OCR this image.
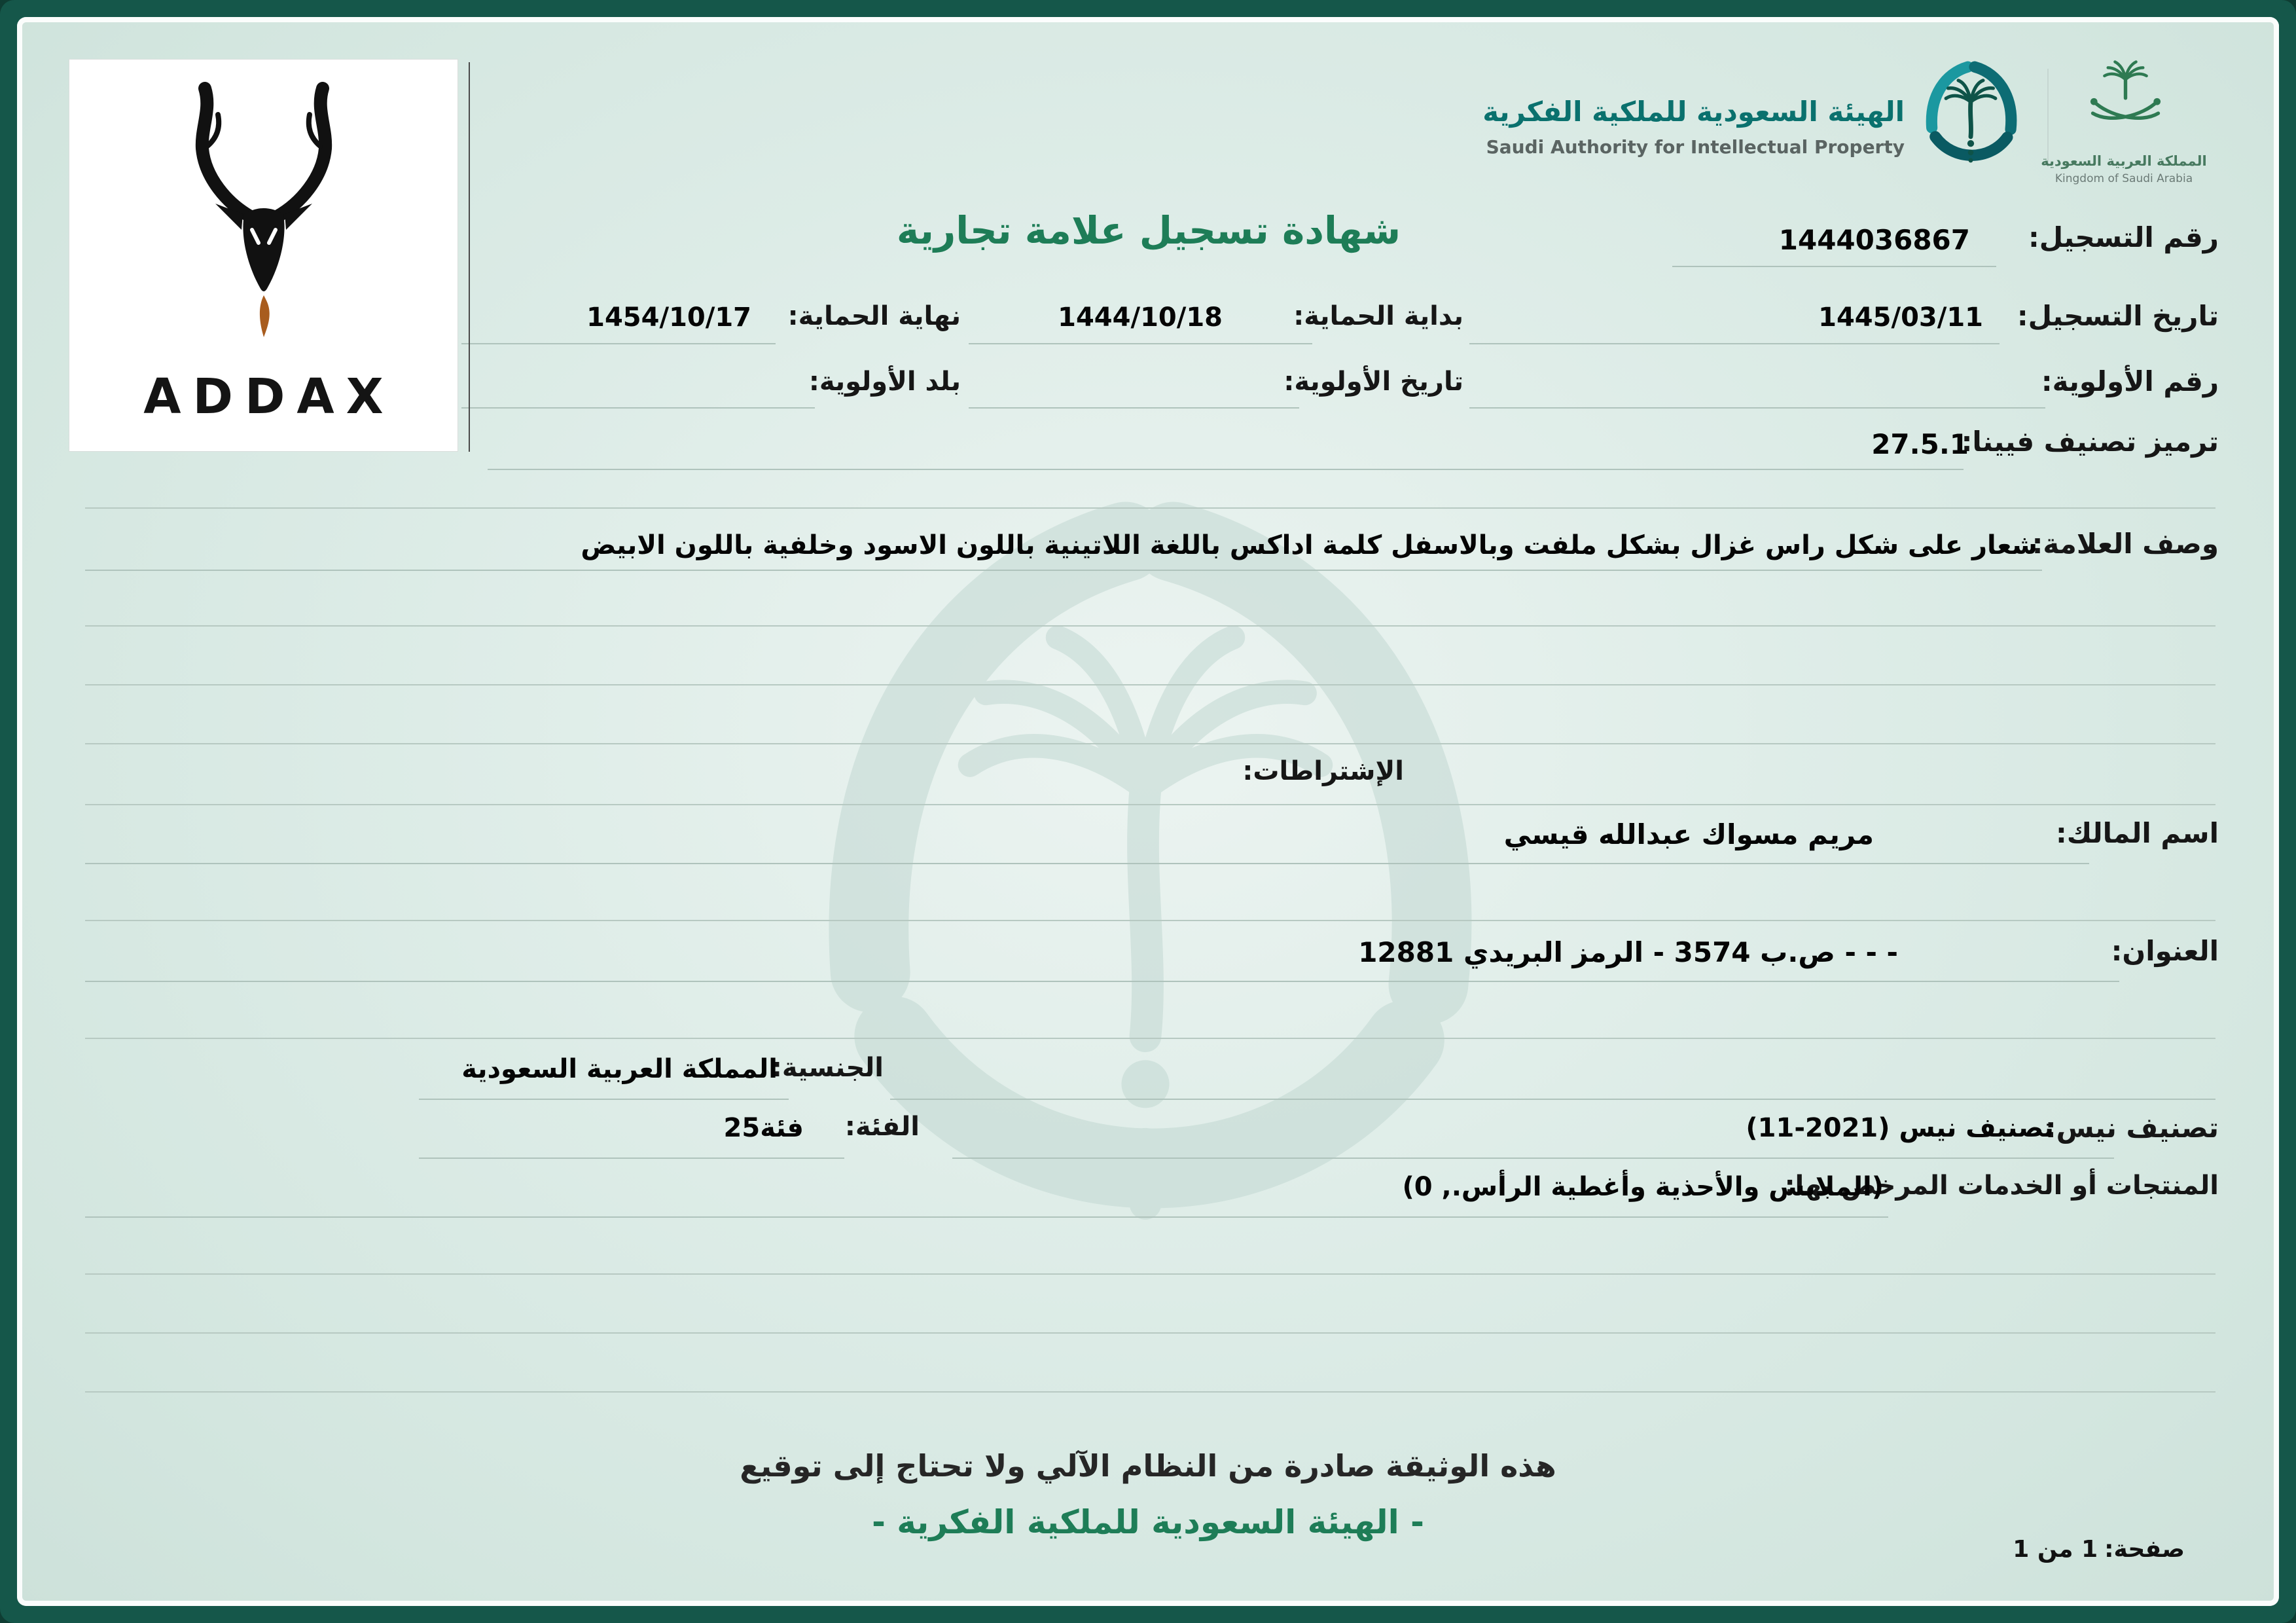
ADDAX
الهيئة السعودية للملكية الفكرية
Saudi Authority for Intellectual Property
المملكة العربية السعودية
Kingdom of Saudi Arabia
شهادة تسجيل علامة تجارية	رقم التسجيل:
1444036867
تاريخ التسجيل:
1445/03/11
بداية الحماية:
1444/10/18
نهاية الحماية:
1454/10/17
رقم الأولوية:
تاريخ الأولوية:
بلد الأولوية:
ترميز تصنيف فيينا:
27.5.1
وصف العلامة:
شعار على شكل راس غزال بشكل ملفت وبالاسفل كلمة اداكس باللغة اللاتينية باللون الاسود وخلفية باللون الابيض
الإشتراطات:
اسم المالك:
مريم مسواك عبدالله قيسي
العنوان:
- - - ص.ب 3574 - الرمز البريدي 12881
الجنسية:
المملكة العربية السعودية
تصنيف نيس:
تصنيف نيس (2021-11)
الفئة:
فئة25
المنتجات أو الخدمات المرخص بها:
(الملابس والأحذية وأغطية الرأس., 0)
هذه الوثيقة صادرة من النظام الآلي ولا تحتاج إلى توقيع
- الهيئة السعودية للملكية الفكرية -
صفحة:1 من 1
